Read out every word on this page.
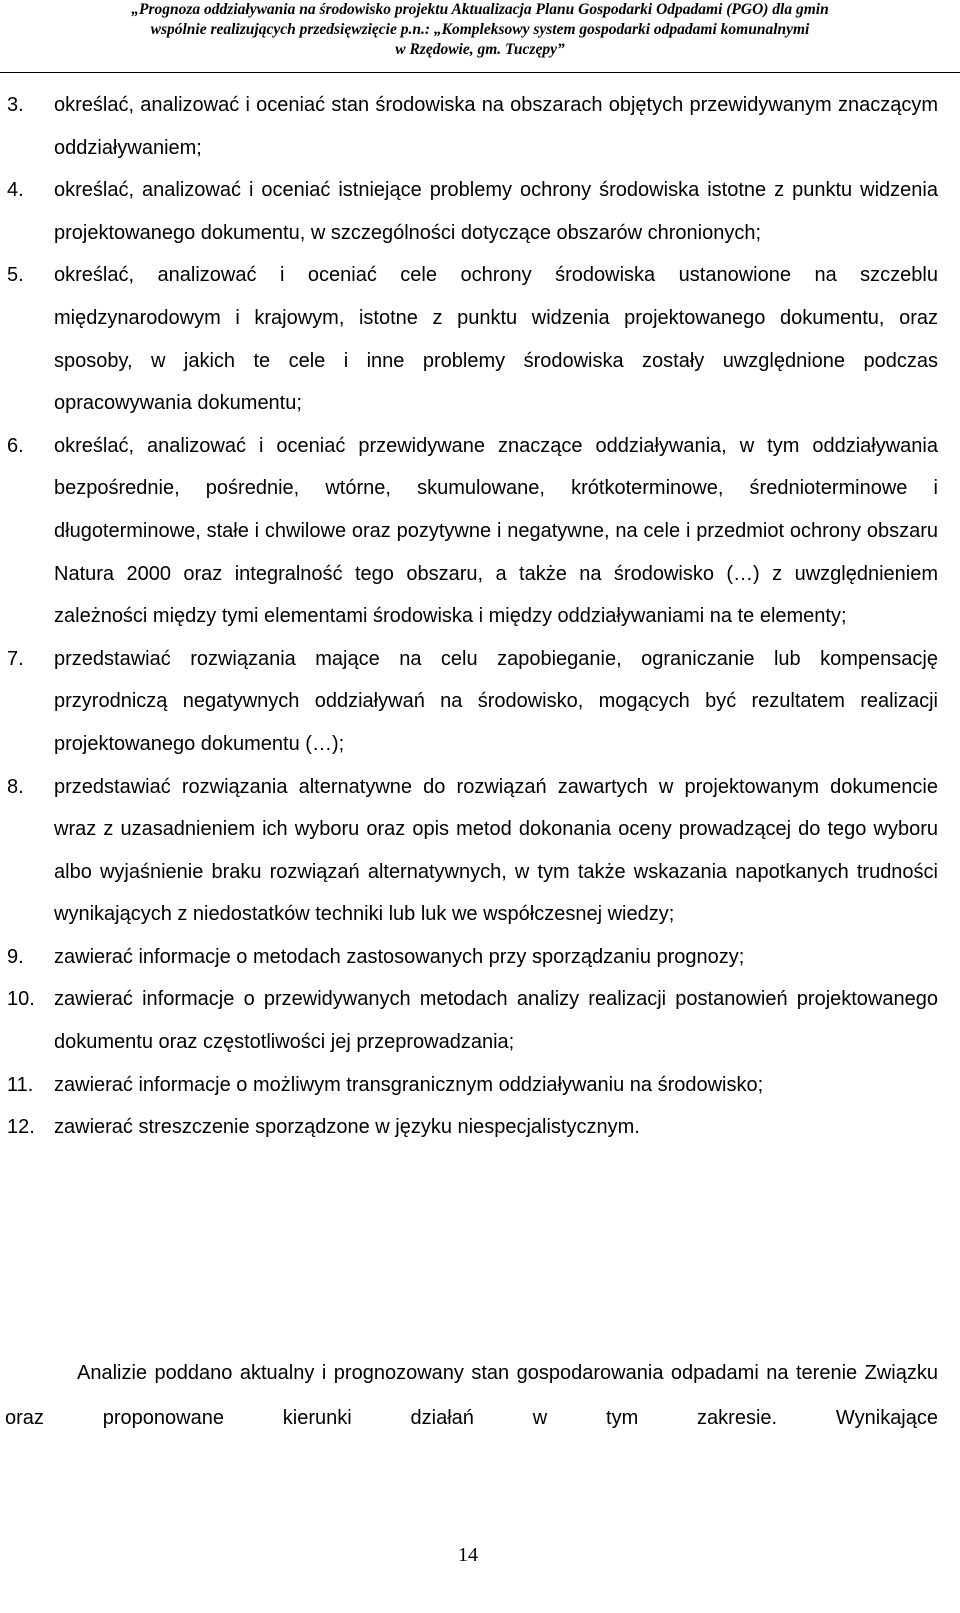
„Prognoza oddziaływania na środowisko projektu Aktualizacja Planu Gospodarki Odpadami (PGO) dla gmin
wspólnie realizujących przedsięwzięcie p.n.: „Kompleksowy system gospodarki odpadami komunalnymi
w Rzędowie, gm. Tuczępy”
3. określać, analizować i oceniać stan środowiska na obszarach objętych przewidywanym znaczącym oddziaływaniem;
4. określać, analizować i oceniać istniejące problemy ochrony środowiska istotne z punktu widzenia projektowanego dokumentu, w szczególności dotyczące obszarów chronionych;
5. określać, analizować i oceniać cele ochrony środowiska ustanowione na szczeblu międzynarodowym i krajowym, istotne z punktu widzenia projektowanego dokumentu, oraz sposoby, w jakich te cele i inne problemy środowiska zostały uwzględnione podczas opracowywania dokumentu;
6. określać, analizować i oceniać przewidywane znaczące oddziaływania, w tym oddziaływania bezpośrednie, pośrednie, wtórne, skumulowane, krótkoterminowe, średnioterminowe i długoterminowe, stałe i chwilowe oraz pozytywne i negatywne, na cele i przedmiot ochrony obszaru Natura 2000 oraz integralność tego obszaru, a także na środowisko (…) z uwzględnieniem zależności między tymi elementami środowiska i między oddziaływaniami na te elementy;
7. przedstawiać rozwiązania mające na celu zapobieganie, ograniczanie lub kompensację przyrodniczą negatywnych oddziaływań na środowisko, mogących być rezultatem realizacji projektowanego dokumentu (…);
8. przedstawiać rozwiązania alternatywne do rozwiązań zawartych w projektowanym dokumencie wraz z uzasadnieniem ich wyboru oraz opis metod dokonania oceny prowadzącej do tego wyboru albo wyjaśnienie braku rozwiązań alternatywnych, w tym także wskazania napotkanych trudności wynikających z niedostatków techniki lub luk we współczesnej wiedzy;
9. zawierać informacje o metodach zastosowanych przy sporządzaniu prognozy;
10. zawierać informacje o przewidywanych metodach analizy realizacji postanowień projektowanego dokumentu oraz częstotliwości jej przeprowadzania;
11. zawierać informacje o możliwym transgranicznym oddziaływaniu na środowisko;
12. zawierać streszczenie sporządzone w języku niespecjalistycznym.

Analizie poddano aktualny i prognozowany stan gospodarowania odpadami na terenie Związku oraz proponowane kierunki działań w tym zakresie. Wynikające

14
